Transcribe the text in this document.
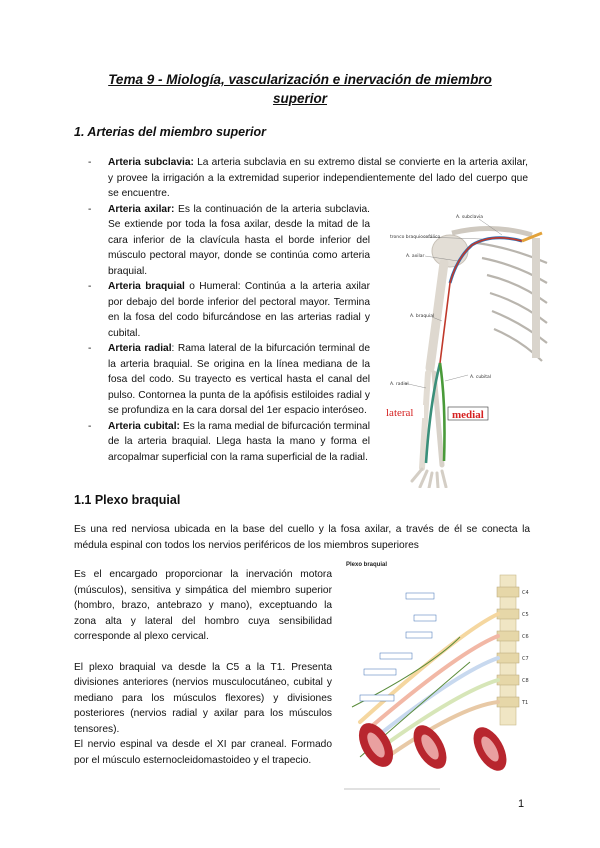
Tema 9 - Miología, vascularización e inervación de miembro
superior
1. Arterias del miembro superior
- Arteria subclavia: La arteria subclavia en su extremo distal se convierte en la arteria axilar, y provee la irrigación a la extremidad superior independientemente del lado del cuerpo que se encuentre.
- Arteria axilar: Es la continuación de la arteria subclavia. Se extiende por toda la fosa axilar, desde la mitad de la cara inferior de la clavícula hasta el borde inferior del músculo pectoral mayor, donde se continúa como arteria braquial.
- Arteria braquial o Humeral: Continúa a la arteria axilar por debajo del borde inferior del pectoral mayor. Termina en la fosa del codo bifurcándose en las arterias radial y cubital.
- Arteria radial: Rama lateral de la bifurcación terminal de la arteria braquial. Se origina en la línea mediana de la fosa del codo. Su trayecto es vertical hasta el canal del pulso. Contornea la punta de la apófisis estiloides radial y se profundiza en la cara dorsal del 1er espacio interóseo.
- Arteria cubital: Es la rama medial de bifurcación terminal de la arteria braquial. Llega hasta la mano y forma el arcopalmar superficial con la rama superficial de la radial.
A. subclavia
tronco braquiocefálico
A. axilar
A. braquial
A. radial
A. cubital
lateral	medial
1.1 Plexo braquial

Es una red nerviosa ubicada en la base del cuello y la fosa axilar, a través de él se conecta la médula espinal con todos los nervios periféricos de los miembros superiores

Es el encargado proporcionar la inervación motora (músculos), sensitiva y simpática del miembro superior (hombro, brazo, antebrazo y mano), exceptuando la zona alta y lateral del hombro cuya sensibilidad corresponde al plexo cervical.

El plexo braquial va desde la C5 a la T1. Presenta divisiones anteriores (nervios musculocutáneo, cubital y mediano para los músculos flexores) y divisiones posteriores (nervios radial y axilar para los músculos tensores).

El nervio espinal va desde el XI par craneal. Formado por el músculo esternocleidomastoideo y el trapecio.

Plexo braquial
C4
C5
C6
C7
C8
T1
1
